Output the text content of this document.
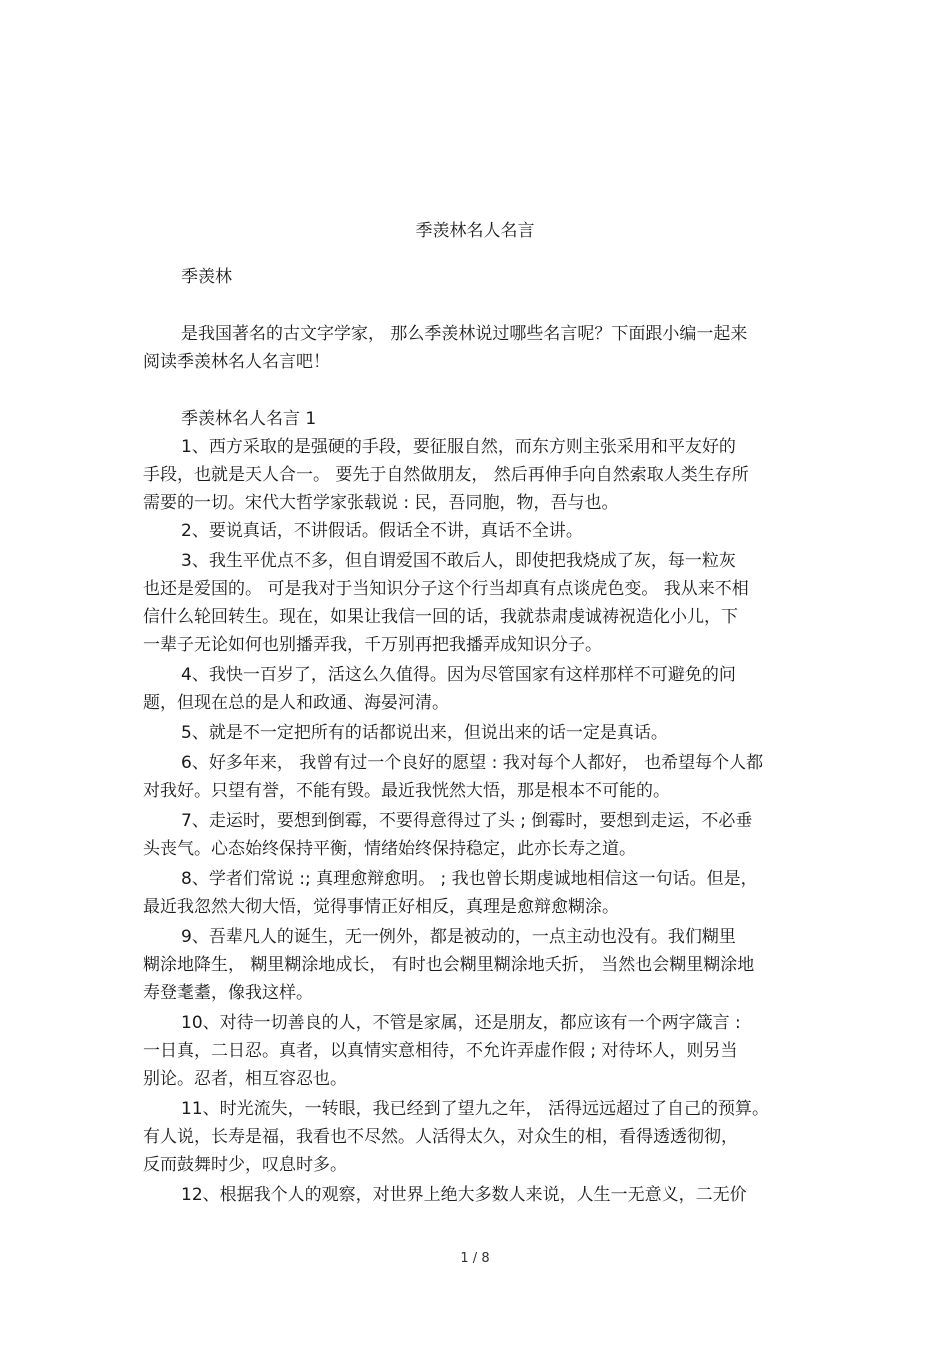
季羡林名人名言
季羡林
是我国著名的古文字学家， 那么季羡林说过哪些名言呢？下面跟小编一起来
阅读季羡林名人名言吧！
季羡林名人名言 1
1、西方采取的是强硬的手段，要征服自然，而东方则主张采用和平友好的
手段，也就是天人合一。 要先于自然做朋友， 然后再伸手向自然索取人类生存所
需要的一切。宋代大哲学家张载说 : 民，吾同胞，物，吾与也。
2、要说真话，不讲假话。假话全不讲，真话不全讲。
3、我生平优点不多，但自谓爱国不敢后人，即使把我烧成了灰，每一粒灰
也还是爱国的。 可是我对于当知识分子这个行当却真有点谈虎色变。 我从来不相
信什么轮回转生。现在，如果让我信一回的话，我就恭肃虔诚祷祝造化小儿，下
一辈子无论如何也别播弄我，千万别再把我播弄成知识分子。
4、我快一百岁了，活这么久值得。因为尽管国家有这样那样不可避免的问
题，但现在总的是人和政通、海晏河清。
5、就是不一定把所有的话都说出来，但说出来的话一定是真话。
6、好多年来， 我曾有过一个良好的愿望 : 我对每个人都好， 也希望每个人都
对我好。只望有誉，不能有毁。最近我恍然大悟，那是根本不可能的。
7、走运时，要想到倒霉，不要得意得过了头 ; 倒霉时，要想到走运，不必垂
头丧气。心态始终保持平衡，情绪始终保持稳定，此亦长寿之道。
8、学者们常说 :; 真理愈辩愈明。 ; 我也曾长期虔诚地相信这一句话。但是，
最近我忽然大彻大悟，觉得事情正好相反，真理是愈辩愈糊涂。
9、吾辈凡人的诞生，无一例外，都是被动的，一点主动也没有。我们糊里
糊涂地降生， 糊里糊涂地成长， 有时也会糊里糊涂地夭折， 当然也会糊里糊涂地
寿登耄耋，像我这样。
10、对待一切善良的人，不管是家属，还是朋友，都应该有一个两字箴言 :
一日真，二日忍。真者，以真情实意相待，不允许弄虚作假 ; 对待坏人，则另当
别论。忍者，相互容忍也。
11、时光流失，一转眼，我已经到了望九之年， 活得远远超过了自己的预算。
有人说，长寿是福，我看也不尽然。人活得太久，对众生的相，看得透透彻彻，
反而鼓舞时少，叹息时多。
12、根据我个人的观察，对世界上绝大多数人来说，人生一无意义，二无价
1 / 8
